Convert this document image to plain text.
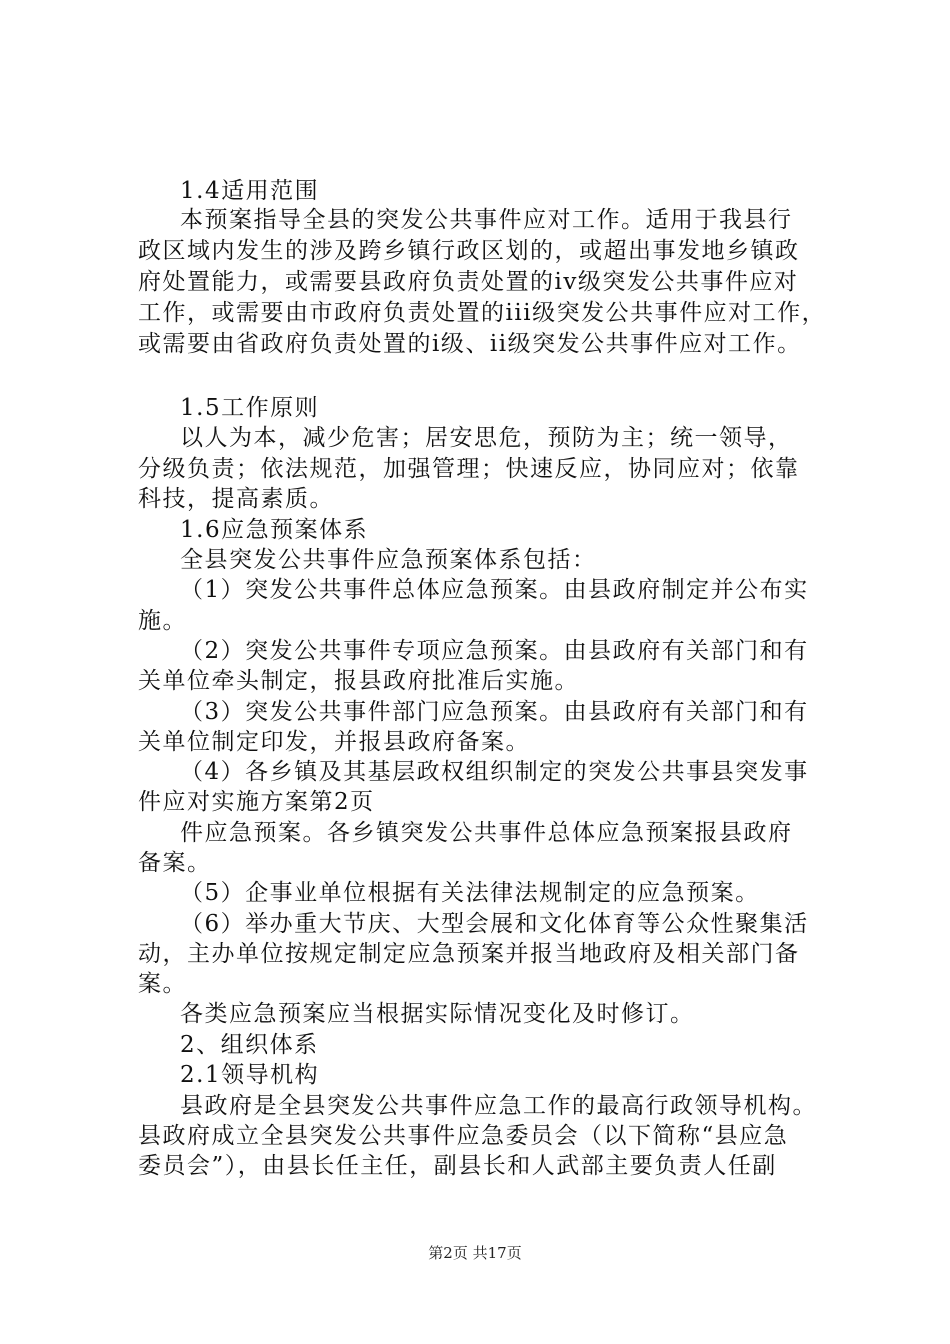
1.4适用范围
本预案指导全县的突发公共事件应对工作。适用于我县行
政区域内发生的涉及跨乡镇行政区划的，或超出事发地乡镇政
府处置能力，或需要县政府负责处置的iv级突发公共事件应对
工作，或需要由市政府负责处置的iii级突发公共事件应对工作，
或需要由省政府负责处置的i级、ii级突发公共事件应对工作。
1.5工作原则
以人为本，减少危害；居安思危，预防为主；统一领导，
分级负责；依法规范，加强管理；快速反应，协同应对；依靠
科技，提高素质。
1.6应急预案体系
全县突发公共事件应急预案体系包括：
（1）突发公共事件总体应急预案。由县政府制定并公布实
施。
（2）突发公共事件专项应急预案。由县政府有关部门和有
关单位牵头制定，报县政府批准后实施。
（3）突发公共事件部门应急预案。由县政府有关部门和有
关单位制定印发，并报县政府备案。
（4）各乡镇及其基层政权组织制定的突发公共事县突发事
件应对实施方案第2页
件应急预案。各乡镇突发公共事件总体应急预案报县政府
备案。
（5）企事业单位根据有关法律法规制定的应急预案。
（6）举办重大节庆、大型会展和文化体育等公众性聚集活
动，主办单位按规定制定应急预案并报当地政府及相关部门备
案。
各类应急预案应当根据实际情况变化及时修订。
2、组织体系
2.1领导机构
县政府是全县突发公共事件应急工作的最高行政领导机构。
县政府成立全县突发公共事件应急委员会（以下简称“县应急
委员会”），由县长任主任，副县长和人武部主要负责人任副
第2页 共17页
